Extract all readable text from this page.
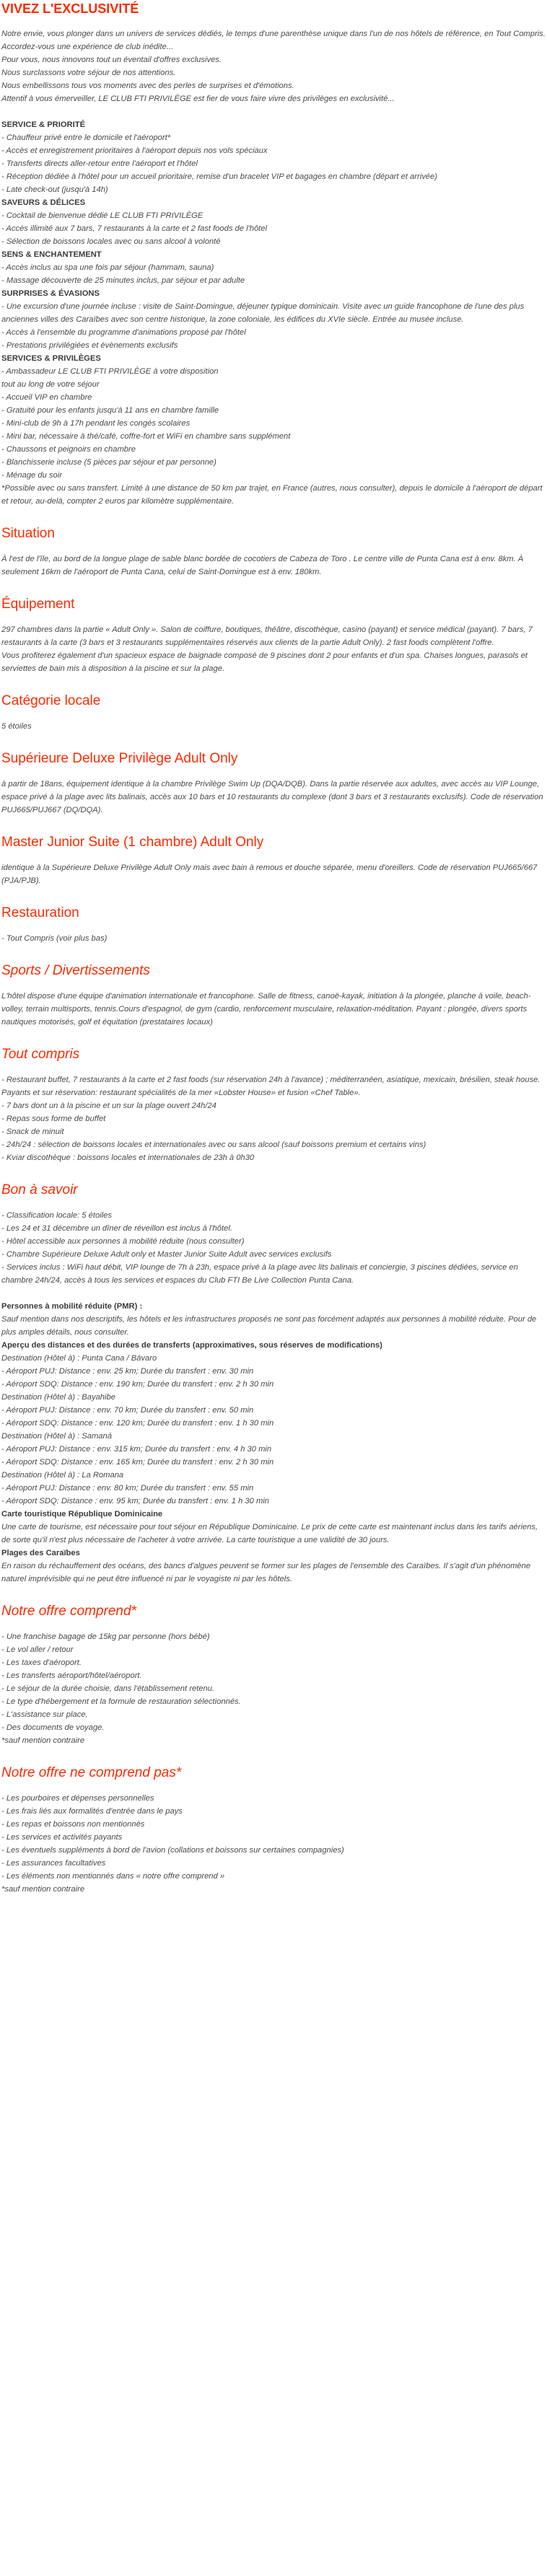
VIVEZ L'EXCLUSIVITÉ
Notre envie, vous plonger dans un univers de services dédiés, le temps d'une parenthèse unique dans l'un de nos hôtels de référence, en Tout Compris.
Accordez-vous une expérience de club inédite...
Pour vous, nous innovons tout un éventail d'offres exclusives.
Nous surclassons votre séjour de nos attentions.
Nous embellissons tous vos moments avec des perles de surprises et d'émotions.
Attentif à vous émerveiller, LE CLUB FTI PRIVILÈGE est fier de vous faire vivre des privilèges en exclusivité...
SERVICE & PRIORITÉ
- Chauffeur privé entre le domicile et l'aéroport*
- Accès et enregistrement prioritaires à l'aéroport depuis nos vols spéciaux
- Transferts directs aller-retour entre l'aéroport et l'hôtel
- Réception dédiée à l'hôtel pour un accueil prioritaire, remise d'un bracelet VIP et bagages en chambre (départ et arrivée)
- Late check-out (jusqu'à 14h)
SAVEURS & DÉLICES
- Cocktail de bienvenue dédié LE CLUB FTI PRIVILÈGE
- Accès illimité aux 7 bars, 7 restaurants à la carte et 2 fast foods de l'hôtel
- Sélection de boissons locales avec ou sans alcool à volonté
SENS & ENCHANTEMENT
- Accès inclus au spa une fois par séjour (hammam, sauna)
- Massage découverte de 25 minutes inclus, par séjour et par adulte
SURPRISES & ÉVASIONS
- Une excursion d'une journée incluse : visite de Saint-Domingue, déjeuner typique dominicain. Visite avec un guide francophone de l'une des plus anciennes villes des Caraïbes avec son centre historique, la zone coloniale, les édifices du XVIe siècle. Entrée au musée incluse.
- Accès à l'ensemble du programme d'animations proposé par l'hôtel
- Prestations privilégiées et évènements exclusifs
SERVICES & PRIVILÈGES
- Ambassadeur LE CLUB FTI PRIVILÈGE à votre disposition
tout au long de votre séjour
- Accueil VIP en chambre
- Gratuité pour les enfants jusqu'à 11 ans en chambre famille
- Mini-club de 9h à 17h pendant les congés scolaires
- Mini bar, nécessaire à thé/café, coffre-fort et WiFi en chambre sans supplément
- Chaussons et peignoirs en chambre
- Blanchisserie incluse (5 pièces par séjour et par personne)
- Ménage du soir
*Possible avec ou sans transfert. Limité à une distance de 50 km par trajet, en France (autres, nous consulter), depuis le domicile à l'aéroport de départ et retour, au-delà, compter 2 euros par kilomètre supplémentaire.
Situation
À l'est de l'île, au bord de la longue plage de sable blanc bordée de cocotiers de Cabeza de Toro . Le centre ville de Punta Cana est à env. 8km. À seulement 16km de l'aéroport de Punta Cana, celui de Saint-Domingue est à env. 180km.
Équipement
297 chambres dans la partie « Adult Only ». Salon de coiffure, boutiques, théâtre, discothèque, casino (payant) et service médical (payant). 7 bars, 7 restaurants à la carte (3 bars et 3 restaurants supplémentaires réservés aux clients de la partie Adult Only). 2 fast foods complètent l'offre.
Vous profiterez également d'un spacieux espace de baignade composé de 9 piscines dont 2 pour enfants et d'un spa. Chaises longues, parasols et serviettes de bain mis à disposition à la piscine et sur la plage.
Catégorie locale
5 étoiles
Supérieure Deluxe Privilège Adult Only
à partir de 18ans, équipement identique à la chambre Privilège Swim Up (DQA/DQB). Dans la partie réservée aux adultes, avec accès au VIP Lounge, espace privé à la plage avec lits balinais, accès aux 10 bars et 10 restaurants du complexe (dont 3 bars et 3 restaurants exclusifs). Code de réservation PUJ665/PUJ667 (DQ/DQA).
Master Junior Suite (1 chambre) Adult Only
identique à la Supérieure Deluxe Privilège Adult Only mais avec bain à remous et douche séparée, menu d'oreillers. Code de réservation PUJ665/667 (PJA/PJB).
Restauration
- Tout Compris (voir plus bas)
Sports / Divertissements
L'hôtel dispose d'une équipe d'animation internationale et francophone. Salle de fitness, canoë-kayak, initiation à la plongée, planche à voile, beach-volley, terrain multisports, tennis.Cours d'espagnol, de gym (cardio, renforcement musculaire, relaxation-méditation. Payant : plongée, divers sports nautiques motorisés, golf et équitation (prestataires locaux)
Tout compris
- Restaurant buffet, 7 restaurants à la carte et 2 fast foods (sur réservation 24h à l'avance) ; méditerranéen, asiatique, mexicain, brésilien, steak house. Payants et sur réservation: restaurant spécialités de la mer «Lobster House» et fusion «Chef Table».
- 7 bars dont un à la piscine et un sur la plage ouvert 24h/24
- Repas sous forme de buffet
- Snack de minuit
- 24h/24 : sélection de boissons locales et internationales avec ou sans alcool (sauf boissons premium et certains vins)
- Kviar discothèque : boissons locales et internationales de 23h à 0h30
Bon à savoir
- Classification locale: 5 étoiles
- Les 24 et 31 décembre un dîner de réveillon est inclus à l'hôtel.
- Hôtel accessible aux personnes à mobilité réduite (nous consulter)
- Chambre Supérieure Deluxe Adult only et Master Junior Suite Adult avec services exclusifs
- Services inclus : WiFi haut débit, VIP lounge de 7h à 23h, espace privé à la plage avec lits balinais et conciergie, 3 piscines dédiées, service en chambre 24h/24, accès à tous les services et espaces du Club FTI Be Live Collection Punta Cana.
Personnes à mobilité réduite (PMR) :
Sauf mention dans nos descriptifs, les hôtels et les infrastructures proposés ne sont pas forcément adaptés aux personnes à mobilité réduite. Pour de plus amples détails, nous consulter.
Aperçu des distances et des durées de transferts (approximatives, sous réserves de modifications)
Destination (Hôtel à) : Punta Cana / Bávaro
- Aéroport PUJ: Distance : env. 25 km; Durée du transfert : env. 30 min
- Aéroport SDQ: Distance : env. 190 km; Durée du transfert : env. 2 h 30 min
Destination (Hôtel à) : Bayahibe
- Aéroport PUJ: Distance : env. 70 km; Durée du transfert : env. 50 min
- Aéroport SDQ: Distance : env. 120 km; Durée du transfert : env. 1 h 30 min
Destination (Hôtel à) : Samaná
- Aéroport PUJ: Distance : env. 315 km; Durée du transfert : env. 4 h 30 min
- Aéroport SDQ: Distance : env. 165 km; Durée du transfert : env. 2 h 30 min
Destination (Hôtel à) : La Romana
- Aéroport PUJ: Distance : env. 80 km; Durée du transfert : env. 55 min
- Aéroport SDQ: Distance : env. 95 km; Durée du transfert : env. 1 h 30 min
Carte touristique République Dominicaine
Une carte de tourisme, est nécessaire pour tout séjour en République Dominicaine. Le prix de cette carte est maintenant inclus dans les tarifs aériens, de sorte qu'il n'est plus nécessaire de l'acheter à votre arrivée. La carte touristique a une validité de 30 jours.
Plages des Caraïbes
En raison du réchauffement des océans, des bancs d'algues peuvent se former sur les plages de l'ensemble des Caraïbes. Il s'agit d'un phénomène naturel imprévisible qui ne peut être influencé ni par le voyagiste ni par les hôtels.
Notre offre comprend*
- Une franchise bagage de 15kg par personne (hors bébé)
- Le vol aller / retour
- Les taxes d'aéroport.
- Les transferts aéroport/hôtel/aéroport.
- Le séjour de la durée choisie, dans l'établissement retenu.
- Le type d'hébergement et la formule de restauration sélectionnés.
- L'assistance sur place.
- Des documents de voyage.
*sauf mention contraire
Notre offre ne comprend pas*
- Les pourboires et dépenses personnelles
- Les frais liés aux formalités d'entrée dans le pays
- Les repas et boissons non mentionnés
- Les services et activités payants
- Les éventuels suppléments à bord de l'avion (collations et boissons sur certaines compagnies)
- Les assurances facultatives
- Les éléments non mentionnés dans « notre offre comprend »
*sauf mention contraire
